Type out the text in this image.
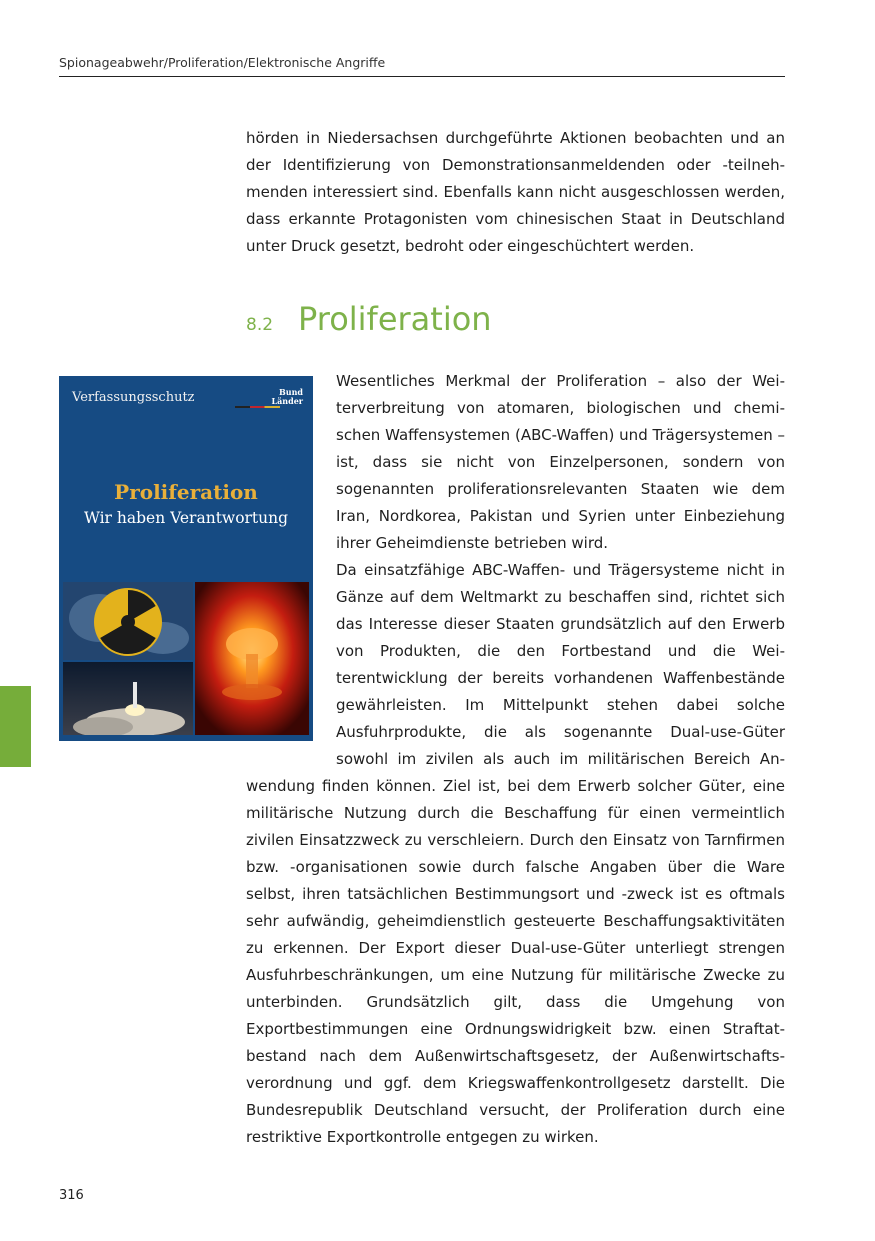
Spionageabwehr/Proliferation/Elektronische Angriffe

hörden in Niedersachsen durchgeführte Aktionen beobachten und an der Identifizierung von Demonstrationsanmeldenden oder -teilnehmenden interessiert sind. Ebenfalls kann nicht ausgeschlossen werden, dass erkannte Protagonisten vom chinesischen Staat in Deutschland unter Druck gesetzt, bedroht oder eingeschüchtert werden.

8.2 Proliferation
Wesentliches Merkmal der Proliferation – also der Weiterverbreitung von atomaren, biologischen und chemischen Waffensystemen (ABC-Waffen) und Trägersystemen – ist, dass sie nicht von Einzelpersonen, sondern von sogenannten proliferationsrelevanten Staaten wie dem Iran, Nordkorea, Pakistan und Syrien unter Einbeziehung ihrer Geheimdienste betrieben wird.
Da einsatzfähige ABC-Waffen- und Trägersysteme nicht in Gänze auf dem Weltmarkt zu beschaffen sind, richtet sich das Interesse dieser Staaten grundsätzlich auf den Erwerb von Produkten, die den Fortbestand und die Weiterentwicklung der bereits vorhandenen Waffenbestände gewährleisten. Im Mittelpunkt stehen dabei solche Ausfuhrprodukte, die als sogenannte Dual-use-Güter sowohl im zivilen als auch im militärischen Bereich Anwendung finden können. Ziel ist, bei dem Erwerb solcher Güter, eine militärische Nutzung durch die Beschaffung für einen vermeintlich zivilen Einsatzzweck zu verschleiern. Durch den Einsatz von Tarnfirmen bzw. -organisationen sowie durch falsche Angaben über die Ware selbst, ihren tatsächlichen Bestimmungsort und -zweck ist es oftmals sehr aufwändig, geheimdienstlich gesteuerte Beschaffungsaktivitäten zu erkennen. Der Export dieser Dual-use-Güter unterliegt strengen Ausfuhrbeschränkungen, um eine Nutzung für militärische Zwecke zu unterbinden. Grundsätzlich gilt, dass die Umgehung von Exportbestimmungen eine Ordnungswidrigkeit bzw. einen Straftatbestand nach dem Außenwirtschaftsgesetz, der Außenwirtschaftsverordnung und ggf. dem Kriegswaffenkontrollgesetz darstellt. Die Bundesrepublik Deutschland versucht, der Proliferation durch eine restriktive Exportkontrolle entgegen zu wirken.
Verfassungsschutz	Bund
Länder
Proliferation
Wir haben Verantwortung
316
